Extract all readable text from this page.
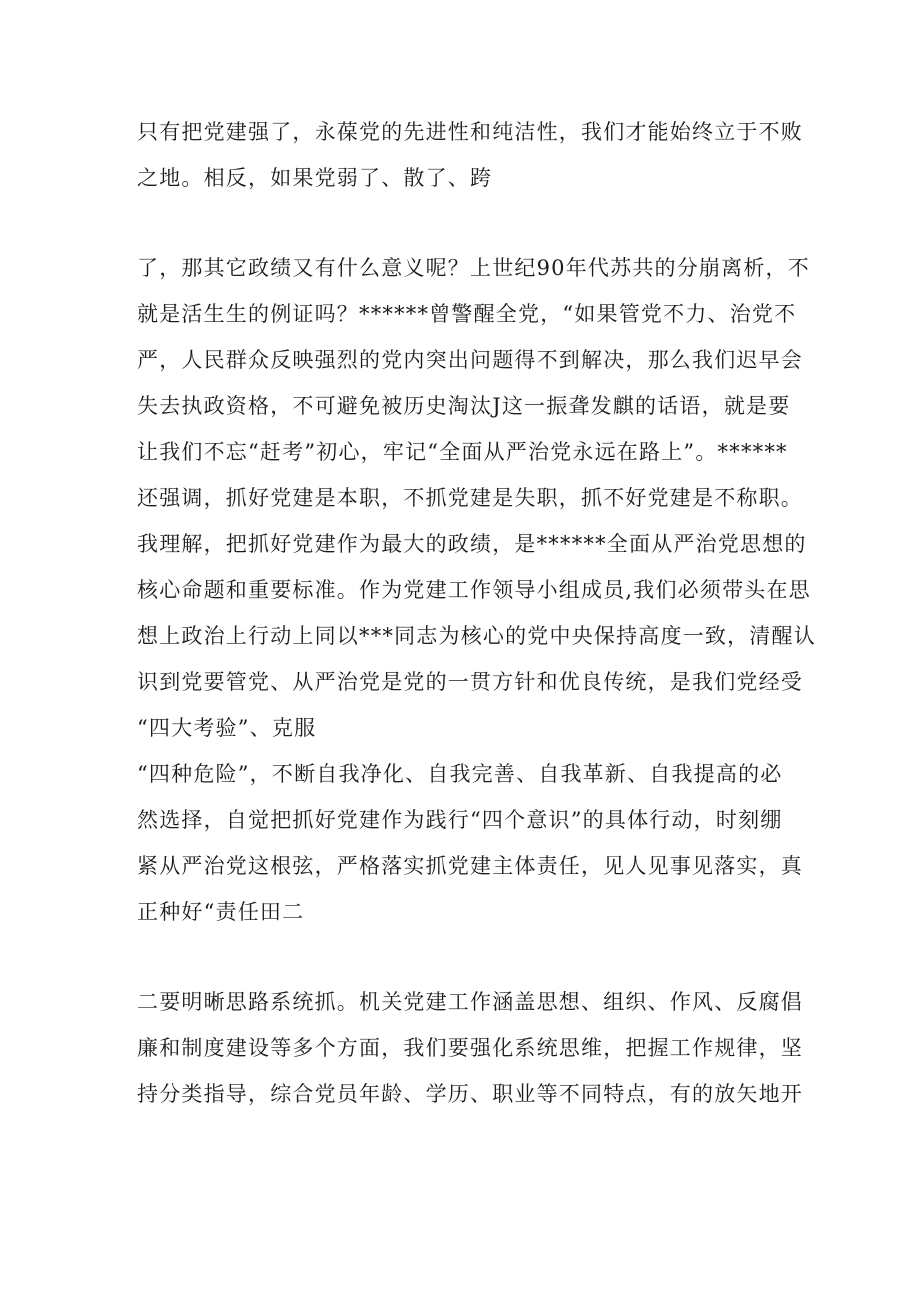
只有把党建强了，永葆党的先进性和纯洁性，我们才能始终立于不败
之地。相反，如果党弱了、散了、跨
了，那其它政绩又有什么意义呢？上世纪90年代苏共的分崩离析，不
就是活生生的例证吗？******曾警醒全党，“如果管党不力、治党不
严，人民群众反映强烈的党内突出问题得不到解决，那么我们迟早会
失去执政资格，不可避免被历史淘汰J这一振聋发麒的话语，就是要
让我们不忘“赶考”初心，牢记“全面从严治党永远在路上”。******
还强调，抓好党建是本职，不抓党建是失职，抓不好党建是不称职。
我理解，把抓好党建作为最大的政绩，是******全面从严治党思想的
核心命题和重要标准。作为党建工作领导小组成员,我们必须带头在思
想上政治上行动上同以***同志为核心的党中央保持高度一致，清醒认
识到党要管党、从严治党是党的一贯方针和优良传统，是我们党经受
“四大考验”、克服
“四种危险”，不断自我净化、自我完善、自我革新、自我提高的必
然选择，自觉把抓好党建作为践行“四个意识”的具体行动，时刻绷
紧从严治党这根弦，严格落实抓党建主体责任，见人见事见落实，真
正种好“责任田二
二要明晰思路系统抓。机关党建工作涵盖思想、组织、作风、反腐倡
廉和制度建设等多个方面，我们要强化系统思维，把握工作规律，坚
持分类指导，综合党员年龄、学历、职业等不同特点，有的放矢地开
